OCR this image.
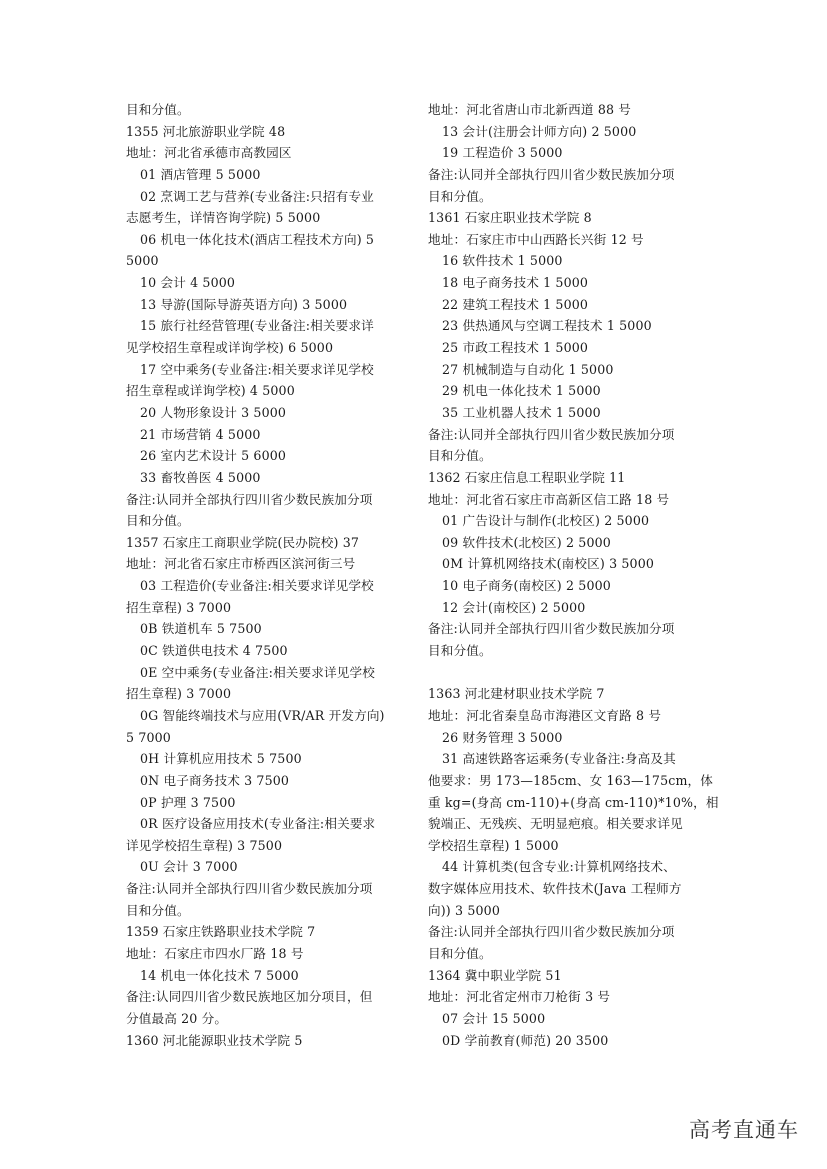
目和分值。
1355 河北旅游职业学院 48
地址：河北省承德市高教园区
01 酒店管理 5 5000
02 烹调工艺与营养(专业备注:只招有专业
志愿考生，详情咨询学院) 5 5000
06 机电一体化技术(酒店工程技术方向) 5
5000
10 会计 4 5000
13 导游(国际导游英语方向) 3 5000
15 旅行社经营管理(专业备注:相关要求详
见学校招生章程或详询学校) 6 5000
17 空中乘务(专业备注:相关要求详见学校
招生章程或详询学校) 4 5000
20 人物形象设计 3 5000
21 市场营销 4 5000
26 室内艺术设计 5 6000
33 畜牧兽医 4 5000
备注:认同并全部执行四川省少数民族加分项
目和分值。
1357 石家庄工商职业学院(民办院校) 37
地址：河北省石家庄市桥西区滨河街三号
03 工程造价(专业备注:相关要求详见学校
招生章程) 3 7000
0B 铁道机车 5 7500
0C 铁道供电技术 4 7500
0E 空中乘务(专业备注:相关要求详见学校
招生章程) 3 7000
0G 智能终端技术与应用(VR/AR 开发方向)
5 7000
0H 计算机应用技术 5 7500
0N 电子商务技术 3 7500
0P 护理 3 7500
0R 医疗设备应用技术(专业备注:相关要求
详见学校招生章程) 3 7500
0U 会计 3 7000
备注:认同并全部执行四川省少数民族加分项
目和分值。
1359 石家庄铁路职业技术学院 7
地址：石家庄市四水厂路 18 号
14 机电一体化技术 7 5000
备注:认同四川省少数民族地区加分项目，但
分值最高 20 分。
1360 河北能源职业技术学院 5
地址：河北省唐山市北新西道 88 号
13 会计(注册会计师方向) 2 5000
19 工程造价 3 5000
备注:认同并全部执行四川省少数民族加分项
目和分值。
1361 石家庄职业技术学院 8
地址：石家庄市中山西路长兴街 12 号
16 软件技术 1 5000
18 电子商务技术 1 5000
22 建筑工程技术 1 5000
23 供热通风与空调工程技术 1 5000
25 市政工程技术 1 5000
27 机械制造与自动化 1 5000
29 机电一体化技术 1 5000
35 工业机器人技术 1 5000
备注:认同并全部执行四川省少数民族加分项
目和分值。
1362 石家庄信息工程职业学院 11
地址：河北省石家庄市高新区信工路 18 号
01 广告设计与制作(北校区) 2 5000
09 软件技术(北校区) 2 5000
0M 计算机网络技术(南校区) 3 5000
10 电子商务(南校区) 2 5000
12 会计(南校区) 2 5000
备注:认同并全部执行四川省少数民族加分项
目和分值。
1363 河北建材职业技术学院 7
地址：河北省秦皇岛市海港区文育路 8 号
26 财务管理 3 5000
31 高速铁路客运乘务(专业备注:身高及其
他要求：男 173—185cm、女 163—175cm，体
重 kg=(身高 cm-110)+(身高 cm-110)*10%，相
貌端正、无残疾、无明显疤痕。相关要求详见
学校招生章程) 1 5000
44 计算机类(包含专业:计算机网络技术、
数字媒体应用技术、软件技术(Java 工程师方
向)) 3 5000
备注:认同并全部执行四川省少数民族加分项
目和分值。
1364 冀中职业学院 51
地址：河北省定州市刀枪街 3 号
07 会计 15 5000
0D 学前教育(师范) 20 3500
高考直通车
